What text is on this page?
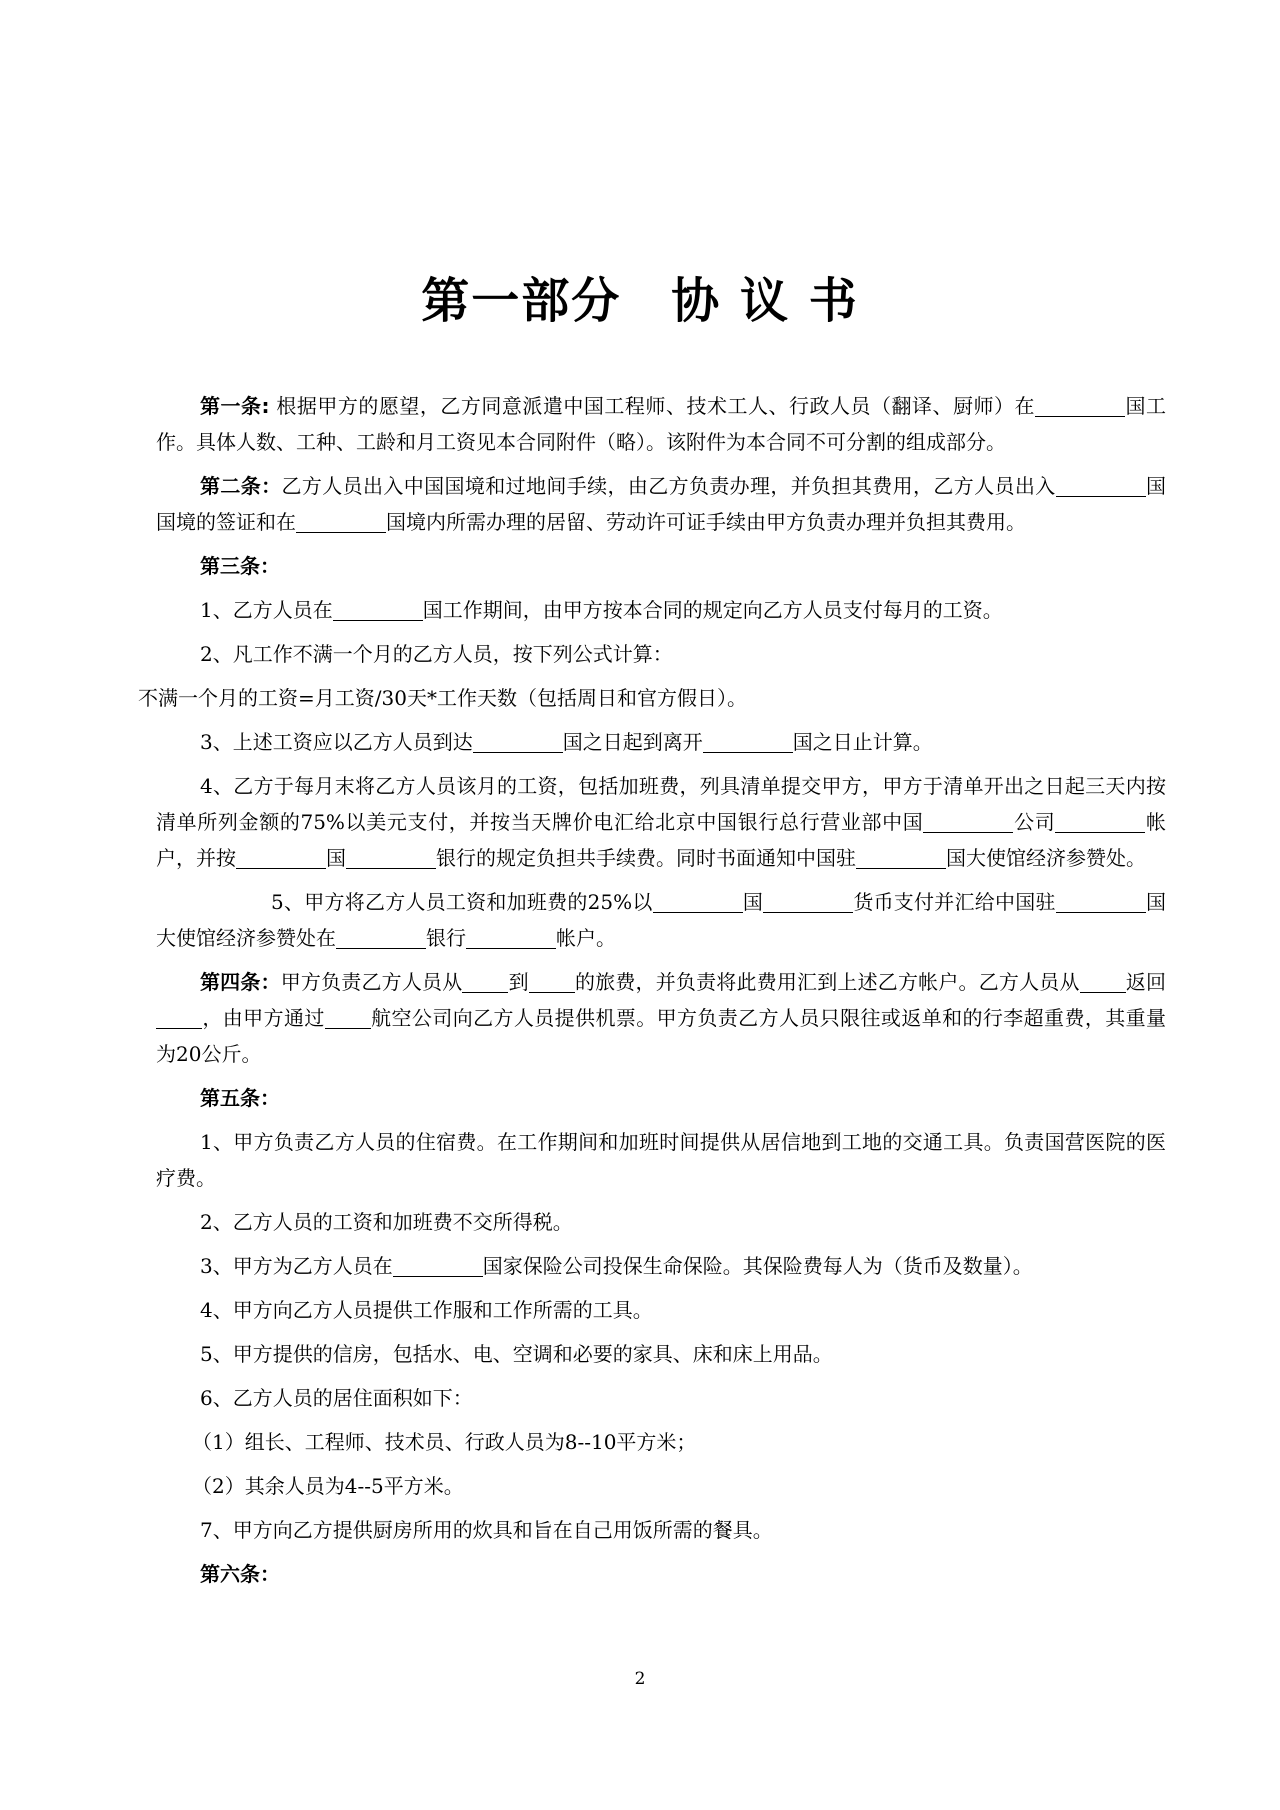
第一部分　协 议 书

第一条: 根据甲方的愿望，乙方同意派遣中国工程师、技术工人、行政人员（翻译、厨师）在	国工作。具体人数、工种、工龄和月工资见本合同附件（略）。该附件为本合同不可分割的组成部分。

第二条：乙方人员出入中国国境和过地间手续，由乙方负责办理，并负担其费用，乙方人员出入	国国境的签证和在	国境内所需办理的居留、劳动许可证手续由甲方负责办理并负担其费用。

第三条：

1、乙方人员在	国工作期间，由甲方按本合同的规定向乙方人员支付每月的工资。

2、凡工作不满一个月的乙方人员，按下列公式计算：

不满一个月的工资=月工资/30天*工作天数（包括周日和官方假日）。

3、上述工资应以乙方人员到达	国之日起到离开	国之日止计算。

4、乙方于每月末将乙方人员该月的工资，包括加班费，列具清单提交甲方，甲方于清单开出之日起三天内按清单所列金额的75%以美元支付，并按当天牌价电汇给北京中国银行总行营业部中国	公司	帐户，并按	国	银行的规定负担共手续费。同时书面通知中国驻	国大使馆经济参赞处。

5、甲方将乙方人员工资和加班费的25%以	国	货币支付并汇给中国驻	国大使馆经济参赞处在	银行	帐户。

第四条：甲方负责乙方人员从 到 的旅费，并负责将此费用汇到上述乙方帐户。乙方人员从 返回，由甲方通过 航空公司向乙方人员提供机票。甲方负责乙方人员只限往或返单和的行李超重费，其重量为20公斤。

第五条：

1、甲方负责乙方人员的住宿费。在工作期间和加班时间提供从居信地到工地的交通工具。负责国营医院的医疗费。

2、乙方人员的工资和加班费不交所得税。

3、甲方为乙方人员在	国家保险公司投保生命保险。其保险费每人为（货币及数量）。

4、甲方向乙方人员提供工作服和工作所需的工具。

5、甲方提供的信房，包括水、电、空调和必要的家具、床和床上用品。

6、乙方人员的居住面积如下：

（1）组长、工程师、技术员、行政人员为8--10平方米；

（2）其余人员为4--5平方米。

7、甲方向乙方提供厨房所用的炊具和旨在自己用饭所需的餐具。

第六条：

2
